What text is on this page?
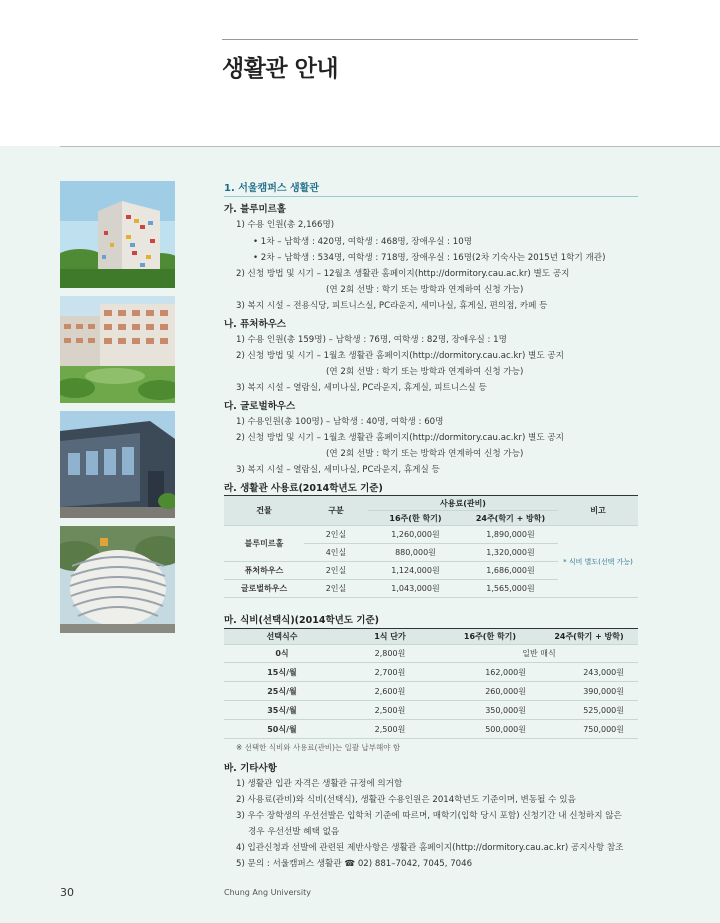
생활관 안내
1. 서울캠퍼스 생활관
가. 블루미르홀
1) 수용 인원(총 2,166명)
• 1차 – 남학생 : 420명, 여학생 : 468명, 장애우실 : 10명
• 2차 – 남학생 : 534명, 여학생 : 718명, 장애우실 : 16명(2차 기숙사는 2015년 1학기 개관)
2) 신청 방법 및 시기 – 12월초 생활관 홈페이지(http://dormitory.cau.ac.kr) 별도 공지
(연 2회 선발 : 학기 또는 방학과 연계하여 신청 가능)
3) 복지 시설 – 전용식당, 피트니스실, PC라운지, 세미나실, 휴게실, 편의점, 카페 등
나. 퓨처하우스
1) 수용 인원(총 159명) – 남학생 : 76명, 여학생 : 82명, 장애우실 : 1명
2) 신청 방법 및 시기 – 1월초 생활관 홈페이지(http://dormitory.cau.ac.kr) 별도 공지
(연 2회 선발 : 학기 또는 방학과 연계하여 신청 가능)
3) 복지 시설 – 열람실, 세미나실, PC라운지, 휴게실, 피트니스실 등
다. 글로벌하우스
1) 수용인원(총 100명) – 남학생 : 40명, 여학생 : 60명
2) 신청 방법 및 시기 – 1월초 생활관 홈페이지(http://dormitory.cau.ac.kr) 별도 공지
(연 2회 선발 : 학기 또는 방학과 연계하여 신청 가능)
3) 복지 시설 – 열람실, 세미나실, PC라운지, 휴게실 등
라. 생활관 사용료(2014학년도 기준)
건물	구분	사용료(관비)		비고
		16주(한 학기)	24주(학기 + 방학)	
블루미르홀	2인실	1,260,000원	1,890,000원	* 식비 별도(선택 가능)
	4인실	880,000원	1,320,000원	
퓨처하우스	2인실	1,124,000원	1,686,000원	
글로벌하우스	2인실	1,043,000원	1,565,000원	
마. 식비(선택식)(2014학년도 기준)
선택식수	1식 단가	16주(한 학기)	24주(학기 + 방학)
0식	2,800원	일반 매식	
15식/월	2,700원	162,000원	243,000원
25식/월	2,600원	260,000원	390,000원
35식/월	2,500원	350,000원	525,000원
50식/월	2,500원	500,000원	750,000원
※ 선택한 식비와 사용료(관비)는 일괄 납부해야 함
바. 기타사항
1) 생활관 입관 자격은 생활관 규정에 의거함
2) 사용료(관비)와 식비(선택식), 생활관 수용인원은 2014학년도 기준이며, 변동될 수 있음
3) 우수 장학생의 우선선발은 입학처 기준에 따르며, 매학기(입학 당시 포함) 신청기간 내 신청하지 않은
경우 우선선발 혜택 없음
4) 입관신청과 선발에 관련된 제반사항은 생활관 홈페이지(http://dormitory.cau.ac.kr) 공지사항 참조
5) 문의 : 서울캠퍼스 생활관 ☎ 02) 881–7042, 7045, 7046
30	Chung Ang University
